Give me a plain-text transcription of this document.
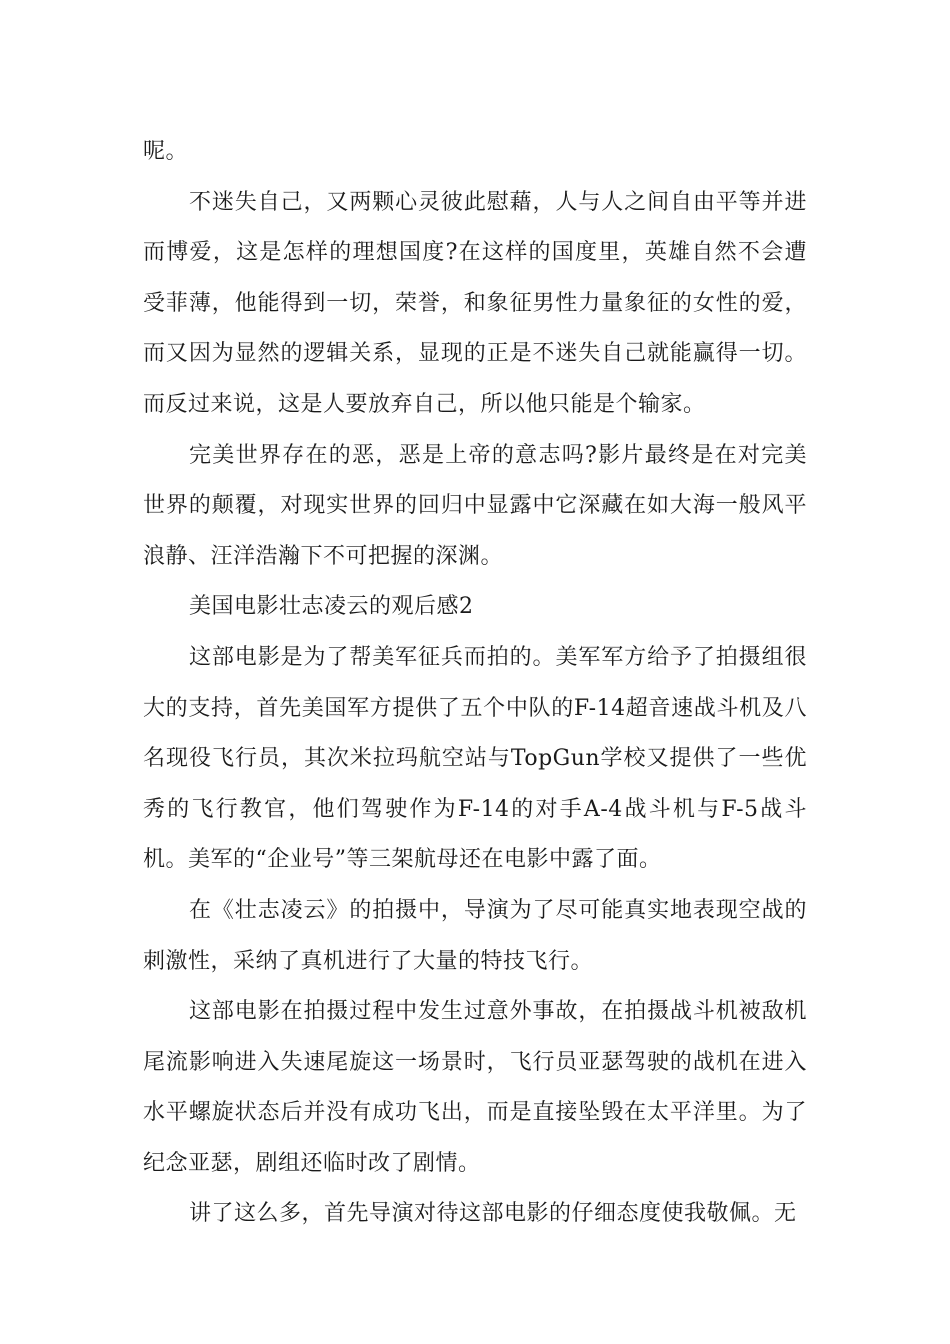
呢。

不迷失自己，又两颗心灵彼此慰藉，人与人之间自由平等并进而博爱，这是怎样的理想国度?在这样的国度里，英雄自然不会遭受菲薄，他能得到一切，荣誉，和象征男性力量象征的女性的爱，而又因为显然的逻辑关系，显现的正是不迷失自己就能赢得一切。而反过来说，这是人要放弃自己，所以他只能是个输家。

完美世界存在的恶，恶是上帝的意志吗?影片最终是在对完美世界的颠覆，对现实世界的回归中显露中它深藏在如大海一般风平浪静、汪洋浩瀚下不可把握的深渊。

美国电影壮志凌云的观后感2

这部电影是为了帮美军征兵而拍的。美军军方给予了拍摄组很大的支持，首先美国军方提供了五个中队的F-14超音速战斗机及八名现役飞行员，其次米拉玛航空站与TopGun学校又提供了一些优秀的飞行教官，他们驾驶作为F-14的对手A-4战斗机与F-5战斗机。美军的“企业号”等三架航母还在电影中露了面。

在《壮志凌云》的拍摄中，导演为了尽可能真实地表现空战的刺激性，采纳了真机进行了大量的特技飞行。

这部电影在拍摄过程中发生过意外事故，在拍摄战斗机被敌机尾流影响进入失速尾旋这一场景时，飞行员亚瑟驾驶的战机在进入水平螺旋状态后并没有成功飞出，而是直接坠毁在太平洋里。为了纪念亚瑟，剧组还临时改了剧情。

讲了这么多，首先导演对待这部电影的仔细态度使我敬佩。无
